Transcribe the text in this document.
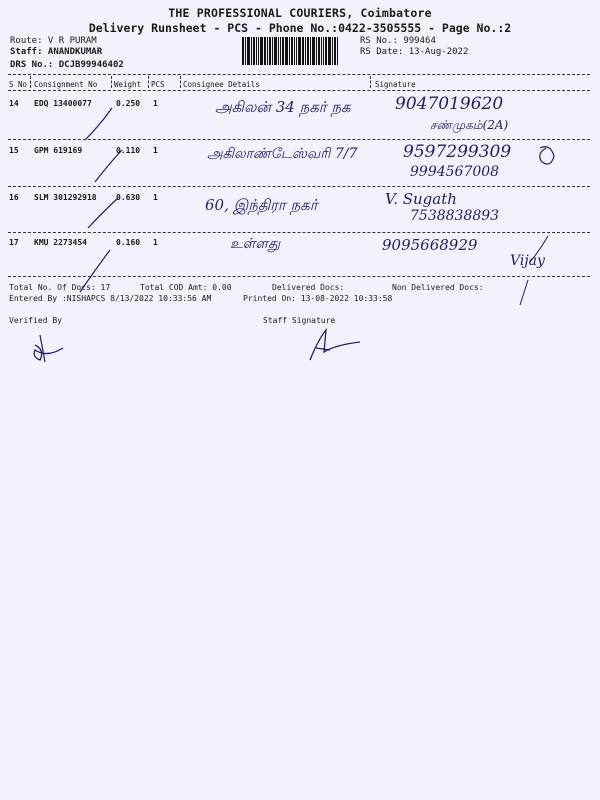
THE PROFESSIONAL COURIERS, Coimbatore
Delivery Runsheet - PCS - Phone No.:0422-3505555 - Page No.:2
Route: V R PURAM
Staff: ANANDKUMAR
DRS No.: DCJB99946402
RS No.: 999464
RS Date: 13-Aug-2022
S No Consignment No Weight PCS Consignee Details	Signature
14 EDQ 13400077	0.250 1	அகிலன் 34 நகர் நக	9047019620
சண்முகம்(2A)
15 GPM 619169	0.110 1	அகிலாண்டேஸ்வரி 7/7	9597299309
9994567008
16 SLM 301292918 0.630 1	60, இந்திரா நகர்	V. Sugath
7538838893
17 KMU 2273454	0.160 1	உள்ளது	9095668929
Vijay
Total No. Of Docs: 17	Total COD Amt: 0.00	Delivered Docs:	Non Delivered Docs:
Entered By :NISHAPCS 8/13/2022 10:33:56 AM	Printed On: 13-08-2022 10:33:58
Verified By	Staff Signature
